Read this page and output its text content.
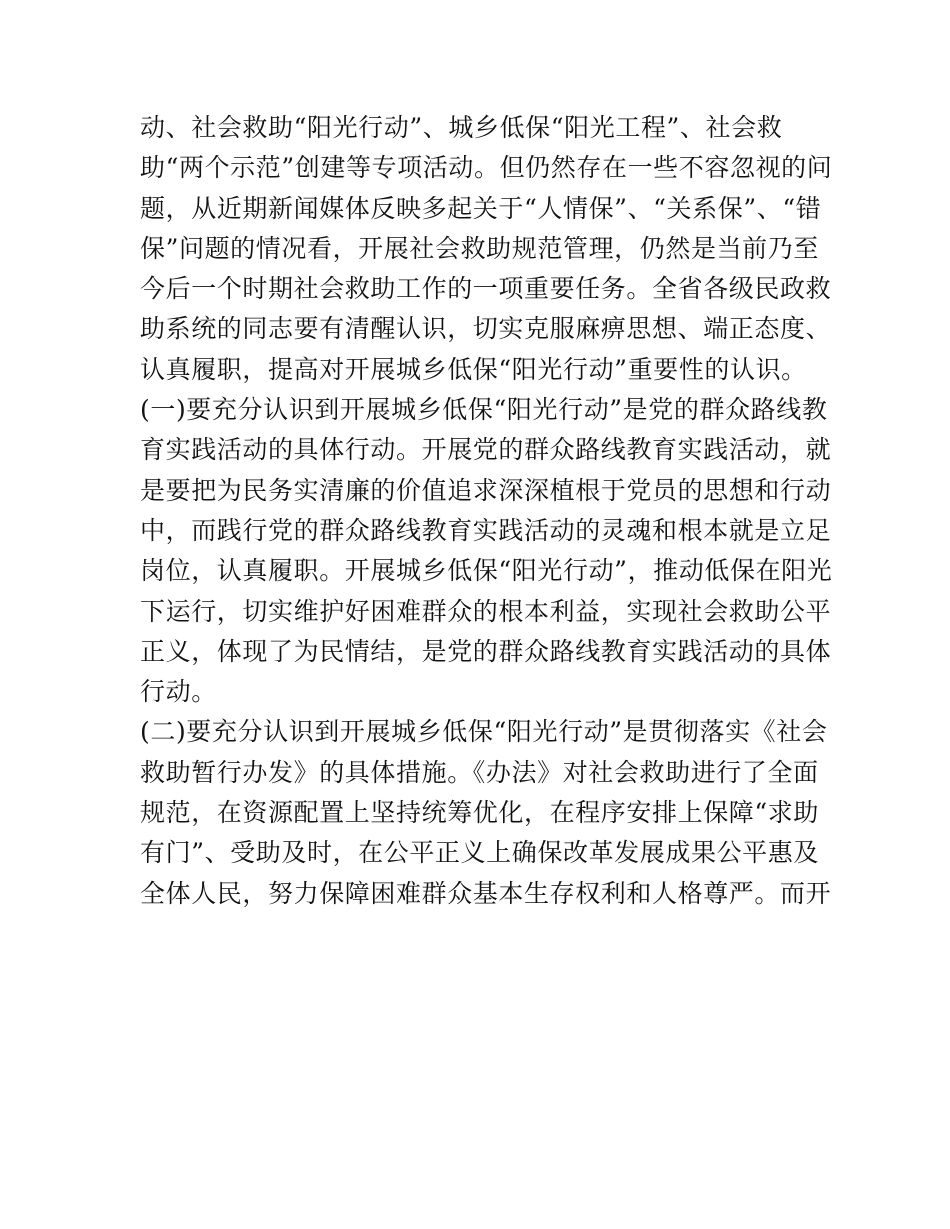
动、社会救助“阳光行动”、城乡低保“阳光工程”、社会救
助“两个示范”创建等专项活动。但仍然存在一些不容忽视的问
题，从近期新闻媒体反映多起关于“人情保”、“关系保”、“错
保”问题的情况看，开展社会救助规范管理，仍然是当前乃至
今后一个时期社会救助工作的一项重要任务。全省各级民政救
助系统的同志要有清醒认识，切实克服麻痹思想、端正态度、
认真履职，提高对开展城乡低保“阳光行动”重要性的认识。
(一)要充分认识到开展城乡低保“阳光行动”是党的群众路线教
育实践活动的具体行动。开展党的群众路线教育实践活动，就
是要把为民务实清廉的价值追求深深植根于党员的思想和行动
中，而践行党的群众路线教育实践活动的灵魂和根本就是立足
岗位，认真履职。开展城乡低保“阳光行动”，推动低保在阳光
下运行，切实维护好困难群众的根本利益，实现社会救助公平
正义，体现了为民情结，是党的群众路线教育实践活动的具体
行动。
(二)要充分认识到开展城乡低保“阳光行动”是贯彻落实《社会
救助暂行办发》的具体措施。《办法》对社会救助进行了全面
规范，在资源配置上坚持统筹优化，在程序安排上保障“求助
有门”、受助及时，在公平正义上确保改革发展成果公平惠及
全体人民，努力保障困难群众基本生存权利和人格尊严。而开
